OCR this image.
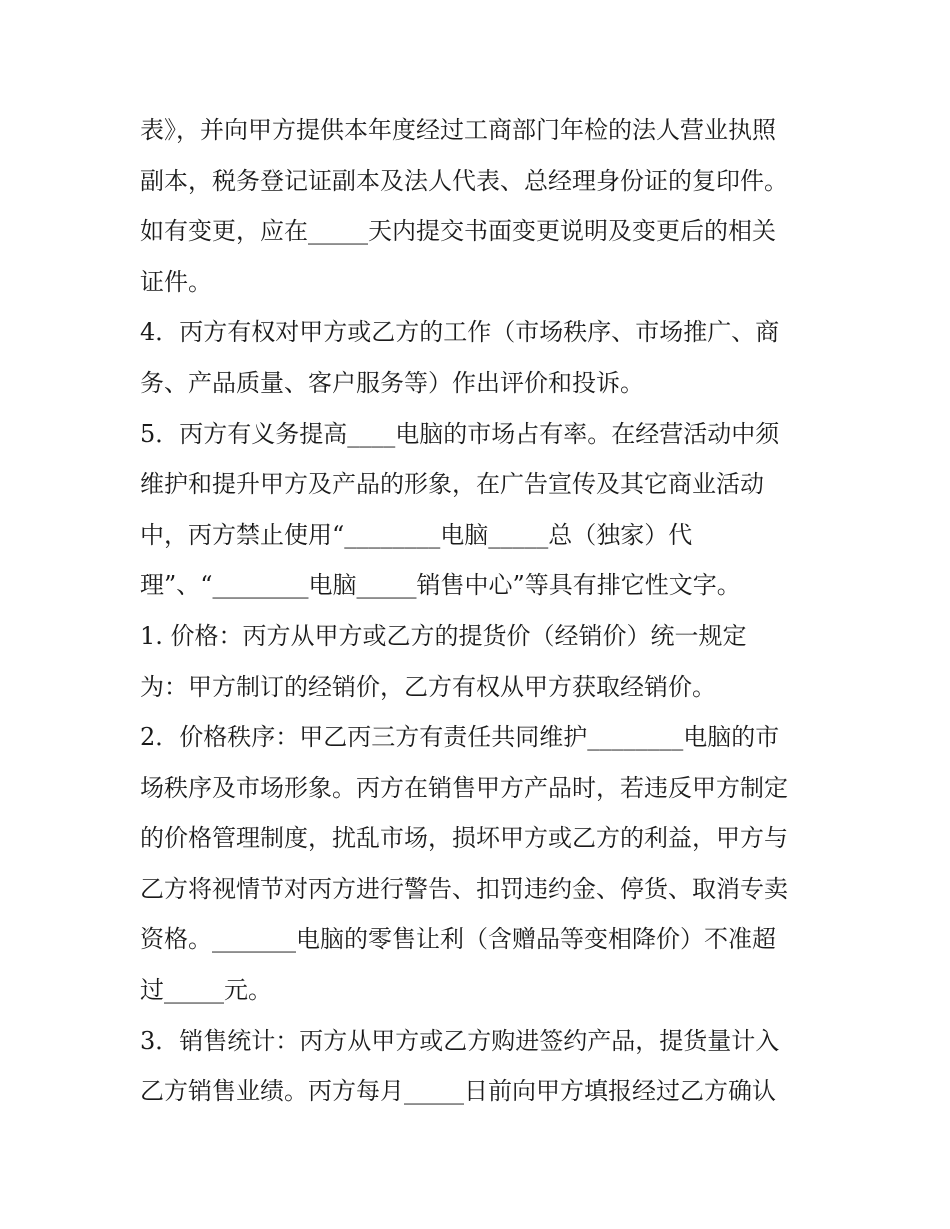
表》，并向甲方提供本年度经过工商部门年检的法人营业执照

副本，税务登记证副本及法人代表、总经理身份证的复印件。

如有变更，应在_____天内提交书面变更说明及变更后的相关

证件。

4．丙方有权对甲方或乙方的工作（市场秩序、市场推广、商

务、产品质量、客户服务等）作出评价和投诉。

5．丙方有义务提高____电脑的市场占有率。在经营活动中须

维护和提升甲方及产品的形象，在广告宣传及其它商业活动

中，丙方禁止使用“________电脑_____总（独家）代

理”、“________电脑_____销售中心”等具有排它性文字。

1. 价格：丙方从甲方或乙方的提货价（经销价）统一规定

为：甲方制订的经销价，乙方有权从甲方获取经销价。

2．价格秩序：甲乙丙三方有责任共同维护________电脑的市

场秩序及市场形象。丙方在销售甲方产品时，若违反甲方制定

的价格管理制度，扰乱市场，损坏甲方或乙方的利益，甲方与

乙方将视情节对丙方进行警告、扣罚违约金、停货、取消专卖

资格。_______电脑的零售让利（含赠品等变相降价）不准超

过_____元。

3．销售统计：丙方从甲方或乙方购进签约产品，提货量计入

乙方销售业绩。丙方每月_____日前向甲方填报经过乙方确认
